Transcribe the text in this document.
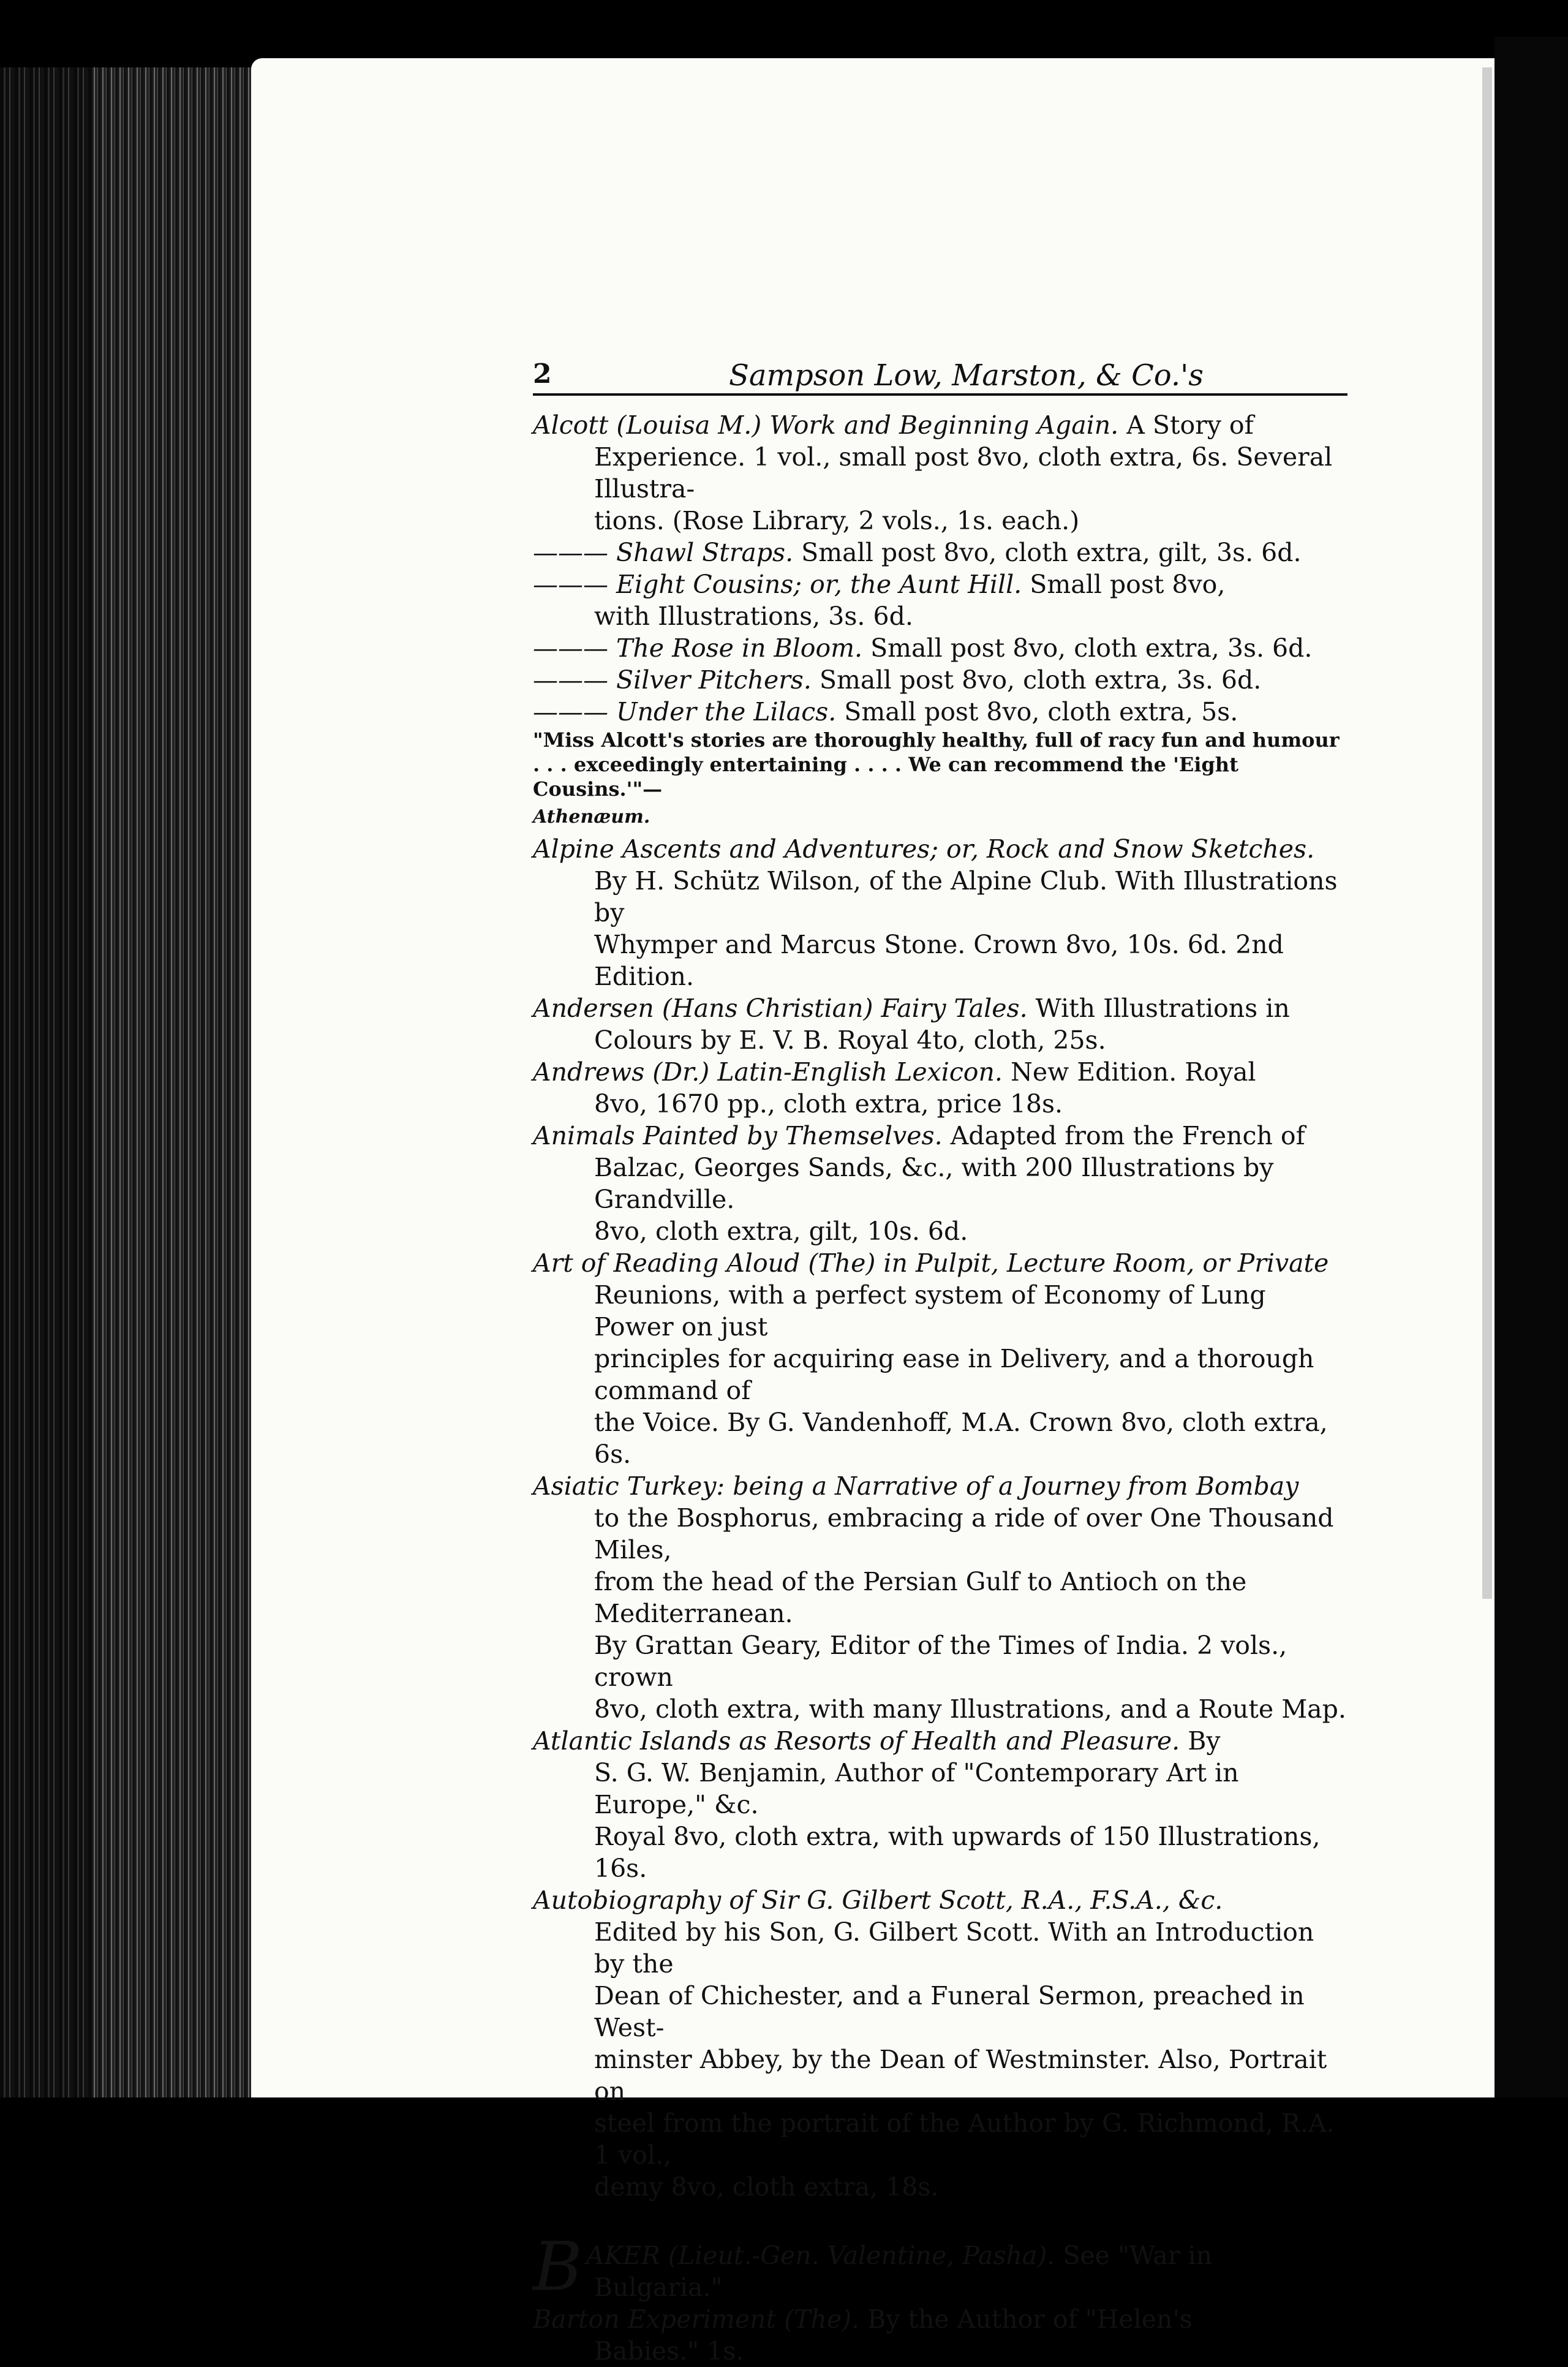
2	Sampson Low, Marston, & Co.'s

Alcott (Louisa M.) Work and Beginning Again. A Story of

Experience. 1 vol., small post 8vo, cloth extra, 6s. Several Illustra-

tions. (Rose Library, 2 vols., 1s. each.)

——— Shawl Straps. Small post 8vo, cloth extra, gilt, 3s. 6d.

——— Eight Cousins; or, the Aunt Hill. Small post 8vo,

with Illustrations, 3s. 6d.

——— The Rose in Bloom. Small post 8vo, cloth extra, 3s. 6d.

——— Silver Pitchers. Small post 8vo, cloth extra, 3s. 6d.

——— Under the Lilacs. Small post 8vo, cloth extra, 5s.

"Miss Alcott's stories are thoroughly healthy, full of racy fun and humour . . . exceedingly entertaining . . . . We can recommend the 'Eight Cousins.'"—

Athenæum.

Alpine Ascents and Adventures; or, Rock and Snow Sketches.

By H. Schütz Wilson, of the Alpine Club. With Illustrations by

Whymper and Marcus Stone. Crown 8vo, 10s. 6d. 2nd Edition.

Andersen (Hans Christian) Fairy Tales. With Illustrations in

Colours by E. V. B. Royal 4to, cloth, 25s.

Andrews (Dr.) Latin-English Lexicon. New Edition. Royal

8vo, 1670 pp., cloth extra, price 18s.

Animals Painted by Themselves. Adapted from the French of

Balzac, Georges Sands, &c., with 200 Illustrations by Grandville.

8vo, cloth extra, gilt, 10s. 6d.

Art of Reading Aloud (The) in Pulpit, Lecture Room, or Private

Reunions, with a perfect system of Economy of Lung Power on just

principles for acquiring ease in Delivery, and a thorough command of

the Voice. By G. Vandenhoff, M.A. Crown 8vo, cloth extra, 6s.

Asiatic Turkey: being a Narrative of a Journey from Bombay

to the Bosphorus, embracing a ride of over One Thousand Miles,

from the head of the Persian Gulf to Antioch on the Mediterranean.

By Grattan Geary, Editor of the Times of India. 2 vols., crown

8vo, cloth extra, with many Illustrations, and a Route Map.

Atlantic Islands as Resorts of Health and Pleasure. By

S. G. W. Benjamin, Author of "Contemporary Art in Europe," &c.

Royal 8vo, cloth extra, with upwards of 150 Illustrations, 16s.

Autobiography of Sir G. Gilbert Scott, R.A., F.S.A., &c.

Edited by his Son, G. Gilbert Scott. With an Introduction by the

Dean of Chichester, and a Funeral Sermon, preached in West-

minster Abbey, by the Dean of Westminster. Also, Portrait on

steel from the portrait of the Author by G. Richmond, R.A. 1 vol.,

demy 8vo, cloth extra, 18s.

BAKER (Lieut.-Gen. Valentine, Pasha). See "War in

Bulgaria."

Barton Experiment (The). By the Author of "Helen's

Babies." 1s.
